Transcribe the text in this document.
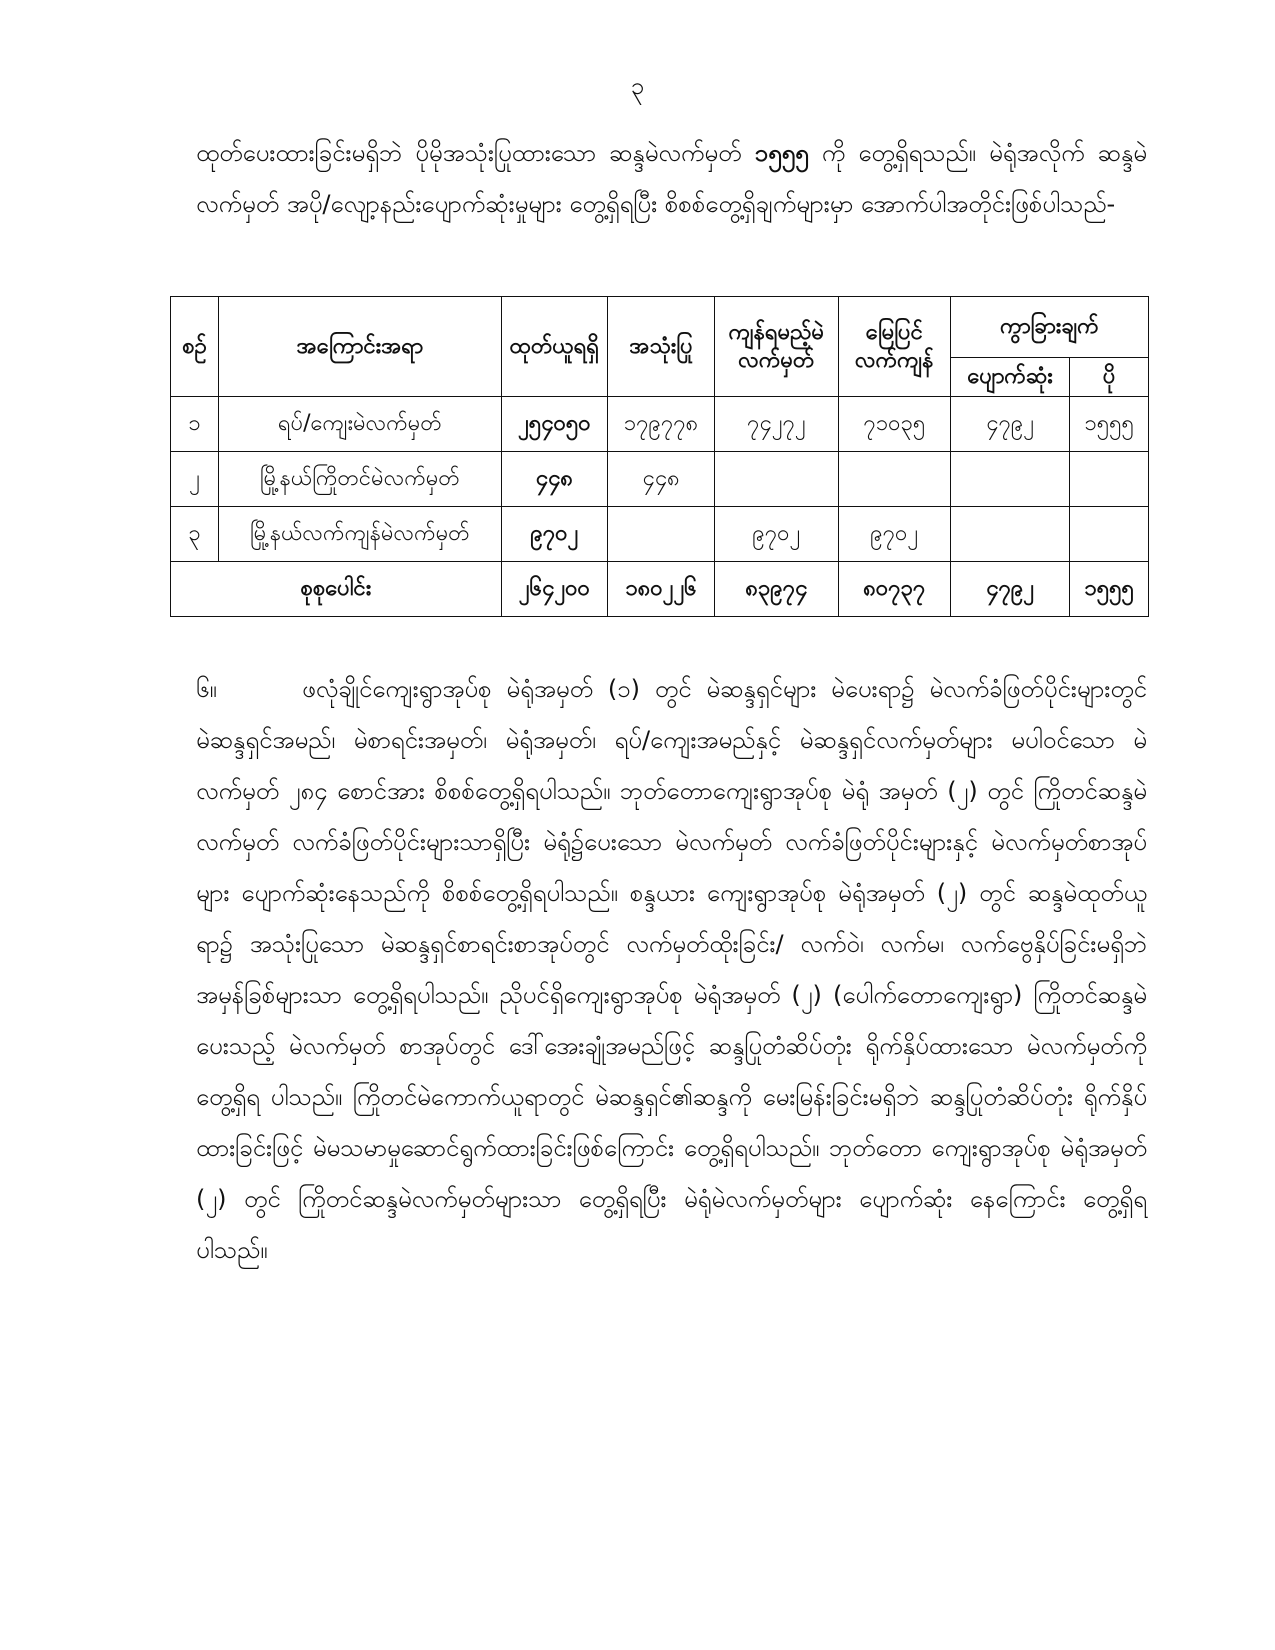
၃
ထုတ်ပေးထားခြင်းမရှိဘဲ ပိုမိုအသုံးပြုထားသော ဆန္ဒမဲလက်မှတ် ၁၅၅၅ ကို တွေ့ရှိရသည်။ မဲရုံအလိုက် ဆန္ဒမဲလက်မှတ် အပို/လျော့နည်းပျောက်ဆုံးမှုများ တွေ့ရှိရပြီး စိစစ်တွေ့ရှိချက်များမှာ အောက်ပါအတိုင်းဖြစ်ပါသည်-
စဉ်	အကြောင်းအရာ	ထုတ်ယူရရှိ	အသုံးပြု	ကျန်ရမည့်မဲလက်မှတ်	မြေပြင်လက်ကျန်	ကွာခြားချက်	
						ပျောက်ဆုံး	ပို
၁	ရပ်/ကျေးမဲလက်မှတ်	၂၅၄၀၅၀	၁၇၉၇၇၈	၇၄၂၇၂	၇၁၀၃၅	၄၇၉၂	၁၅၅၅
၂	မြို့နယ်ကြိုတင်မဲလက်မှတ်	၄၄၈	၄၄၈				
၃	မြို့နယ်လက်ကျန်မဲလက်မှတ်	၉၇၀၂		၉၇၀၂	၉၇၀၂		
စုစုပေါင်း		၂၆၄၂၀၀	၁၈၀၂၂၆	၈၃၉၇၄	၈၀၇၃၇	၄၇၉၂	၁၅၅၅
၆။	ဖလုံချိုင်ကျေးရွာအုပ်စု မဲရုံအမှတ် (၁) တွင် မဲဆန္ဒရှင်များ မဲပေးရာ၌ မဲလက်ခံဖြတ်ပိုင်းများတွင် မဲဆန္ဒရှင်အမည်၊ မဲစာရင်းအမှတ်၊ မဲရုံအမှတ်၊ ရပ်/ကျေးအမည်နှင့် မဲဆန္ဒရှင်လက်မှတ်များ မပါဝင်သော မဲလက်မှတ် ၂၈၄ စောင်အား စိစစ်တွေ့ရှိရပါသည်။ ဘုတ်တောကျေးရွာအုပ်စု မဲရုံ အမှတ် (၂) တွင် ကြိုတင်ဆန္ဒမဲလက်မှတ် လက်ခံဖြတ်ပိုင်းများသာရှိပြီး မဲရုံ၌ပေးသော မဲလက်မှတ် လက်ခံဖြတ်ပိုင်းများနှင့် မဲလက်မှတ်စာအုပ်များ ပျောက်ဆုံးနေသည်ကို စိစစ်တွေ့ရှိရပါသည်။ စန္ဒယား ကျေးရွာအုပ်စု မဲရုံအမှတ် (၂) တွင် ဆန္ဒမဲထုတ်ယူရာ၌ အသုံးပြုသော မဲဆန္ဒရှင်စာရင်းစာအုပ်တွင် လက်မှတ်ထိုးခြင်း/ လက်ဝဲ၊ လက်မ၊ လက်ဗွေနှိပ်ခြင်းမရှိဘဲ အမှန်ခြစ်များသာ တွေ့ရှိရပါသည်။ ညိုပင်ရှိကျေးရွာအုပ်စု မဲရုံအမှတ် (၂) (ပေါက်တောကျေးရွာ) ကြိုတင်ဆန္ဒမဲပေးသည့် မဲလက်မှတ် စာအုပ်တွင် ဒေါ်အေးချုံအမည်ဖြင့် ဆန္ဒပြုတံဆိပ်တုံး ရိုက်နှိပ်ထားသော မဲလက်မှတ်ကို တွေ့ရှိရ ပါသည်။ ကြိုတင်မဲကောက်ယူရာတွင် မဲဆန္ဒရှင်၏ဆန္ဒကို မေးမြန်းခြင်းမရှိဘဲ ဆန္ဒပြုတံဆိပ်တုံး ရိုက်နှိပ်ထားခြင်းဖြင့် မဲမသမာမှုဆောင်ရွက်ထားခြင်းဖြစ်ကြောင်း တွေ့ရှိရပါသည်။ ဘုတ်တော ကျေးရွာအုပ်စု မဲရုံအမှတ် (၂) တွင် ကြိုတင်ဆန္ဒမဲလက်မှတ်များသာ တွေ့ရှိရပြီး မဲရုံမဲလက်မှတ်များ ပျောက်ဆုံး နေကြောင်း တွေ့ရှိရပါသည်။
